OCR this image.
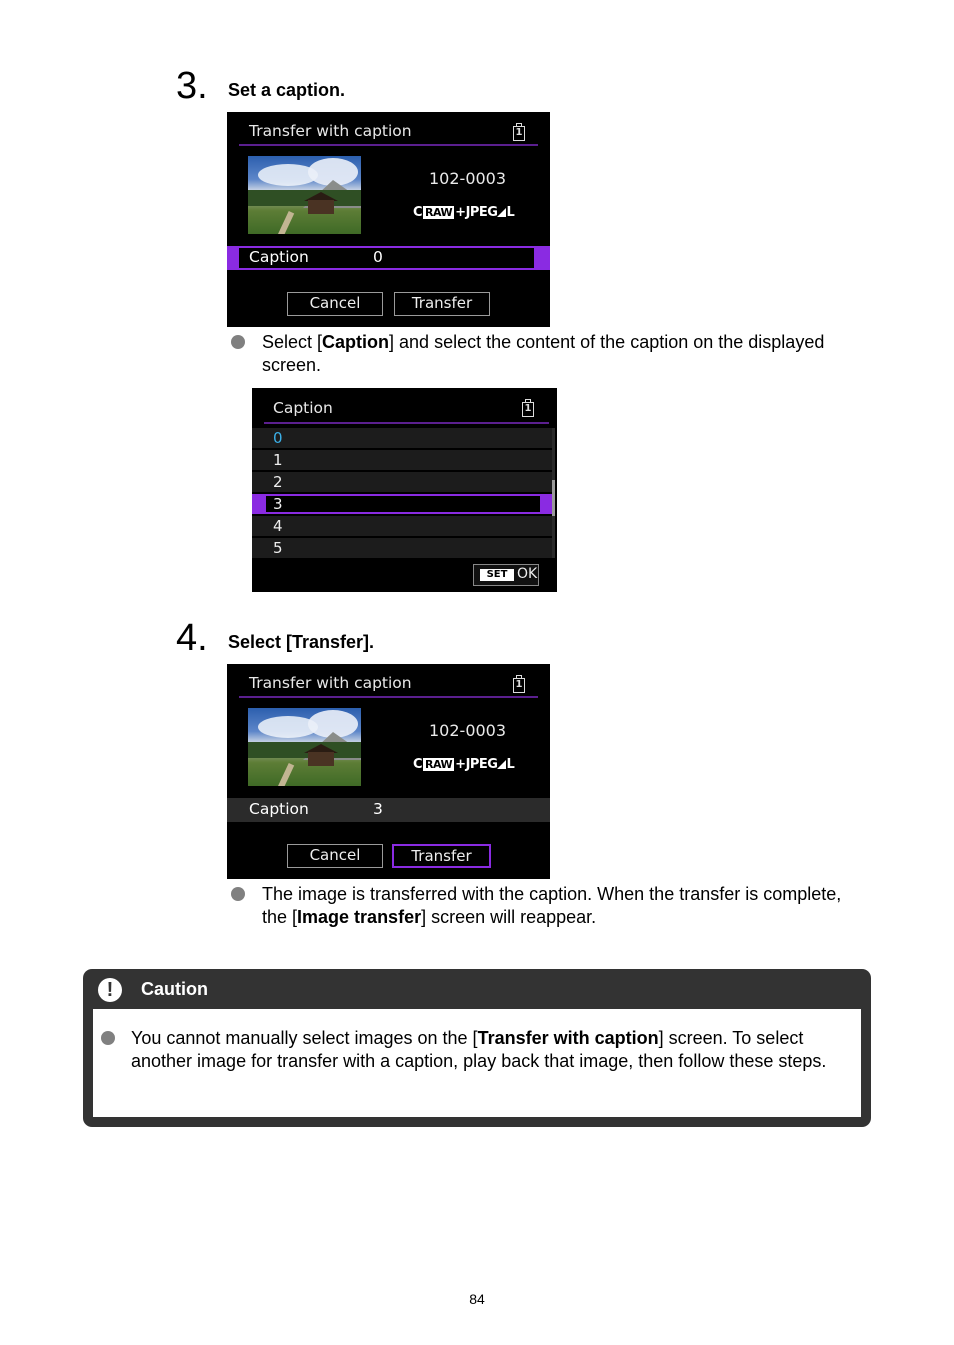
3. Set a caption.
Transfer with caption	1
102-0003
C RAW +JPEG L
Caption	0
Cancel	Transfer
Select [Caption] and select the content of the caption on the displayed screen.
Caption	1
0
1
2
3
4
5
SET OK
4. Select [Transfer].
Transfer with caption	1
102-0003
C RAW +JPEG L
Caption	3
Cancel	Transfer
The image is transferred with the caption. When the transfer is complete, the [Image transfer] screen will reappear.
!	Caution
You cannot manually select images on the [Transfer with caption] screen. To select another image for transfer with a caption, play back that image, then follow these steps.
84
